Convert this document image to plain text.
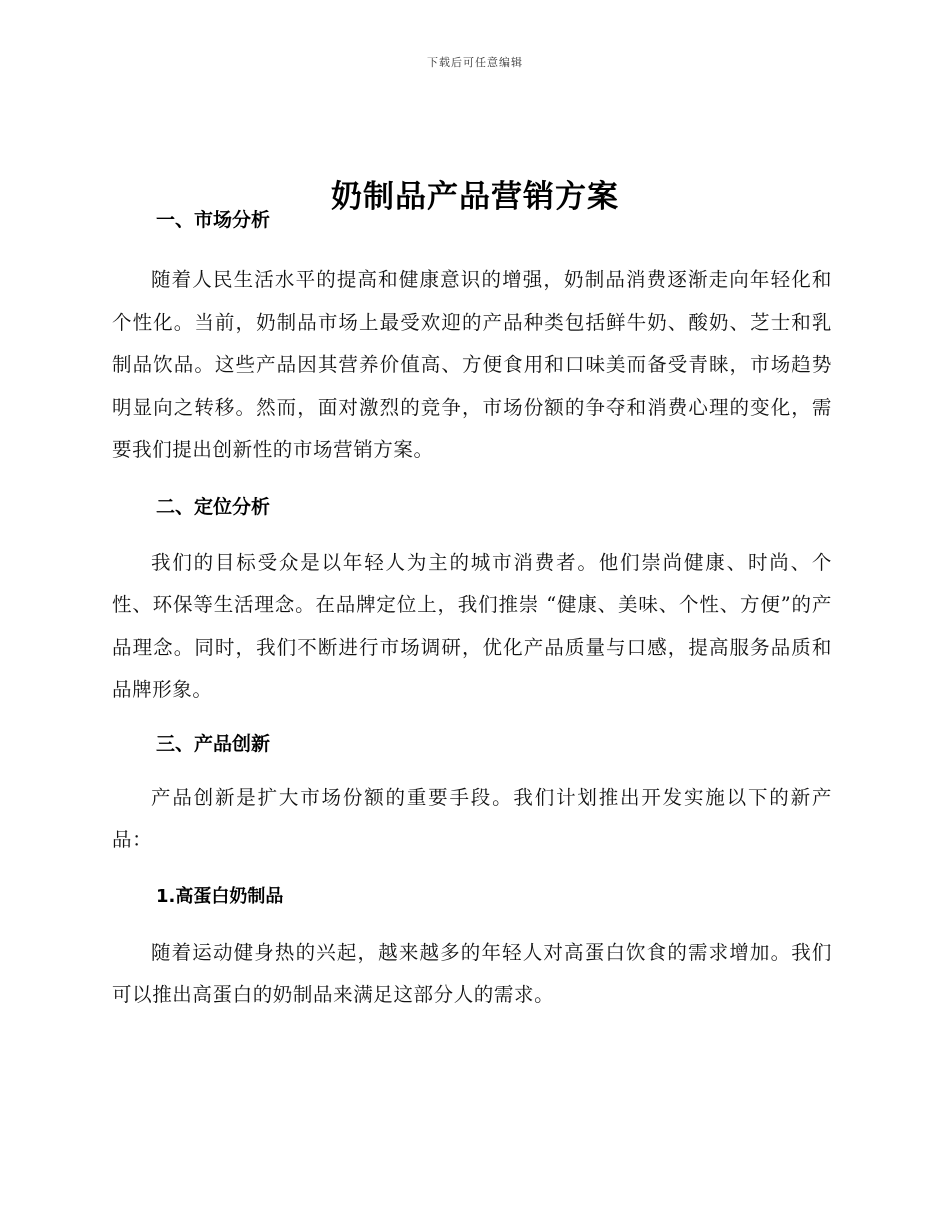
下载后可任意编辑
奶制品产品营销方案
一、市场分析

随着人民生活水平的提高和健康意识的增强，奶制品消费逐渐走向年轻化和个性化。当前，奶制品市场上最受欢迎的产品种类包括鲜牛奶、酸奶、芝士和乳制品饮品。这些产品因其营养价值高、方便食用和口味美而备受青睐，市场趋势明显向之转移。然而，面对激烈的竞争，市场份额的争夺和消费心理的变化，需要我们提出创新性的市场营销方案。

二、定位分析

我们的目标受众是以年轻人为主的城市消费者。他们崇尚健康、时尚、个性、环保等生活理念。在品牌定位上，我们推崇 “健康、美味、个性、方便”的产品理念。同时，我们不断进行市场调研，优化产品质量与口感，提高服务品质和品牌形象。

三、产品创新

产品创新是扩大市场份额的重要手段。我们计划推出开发实施以下的新产品：

1.高蛋白奶制品

随着运动健身热的兴起，越来越多的年轻人对高蛋白饮食的需求增加。我们可以推出高蛋白的奶制品来满足这部分人的需求。
